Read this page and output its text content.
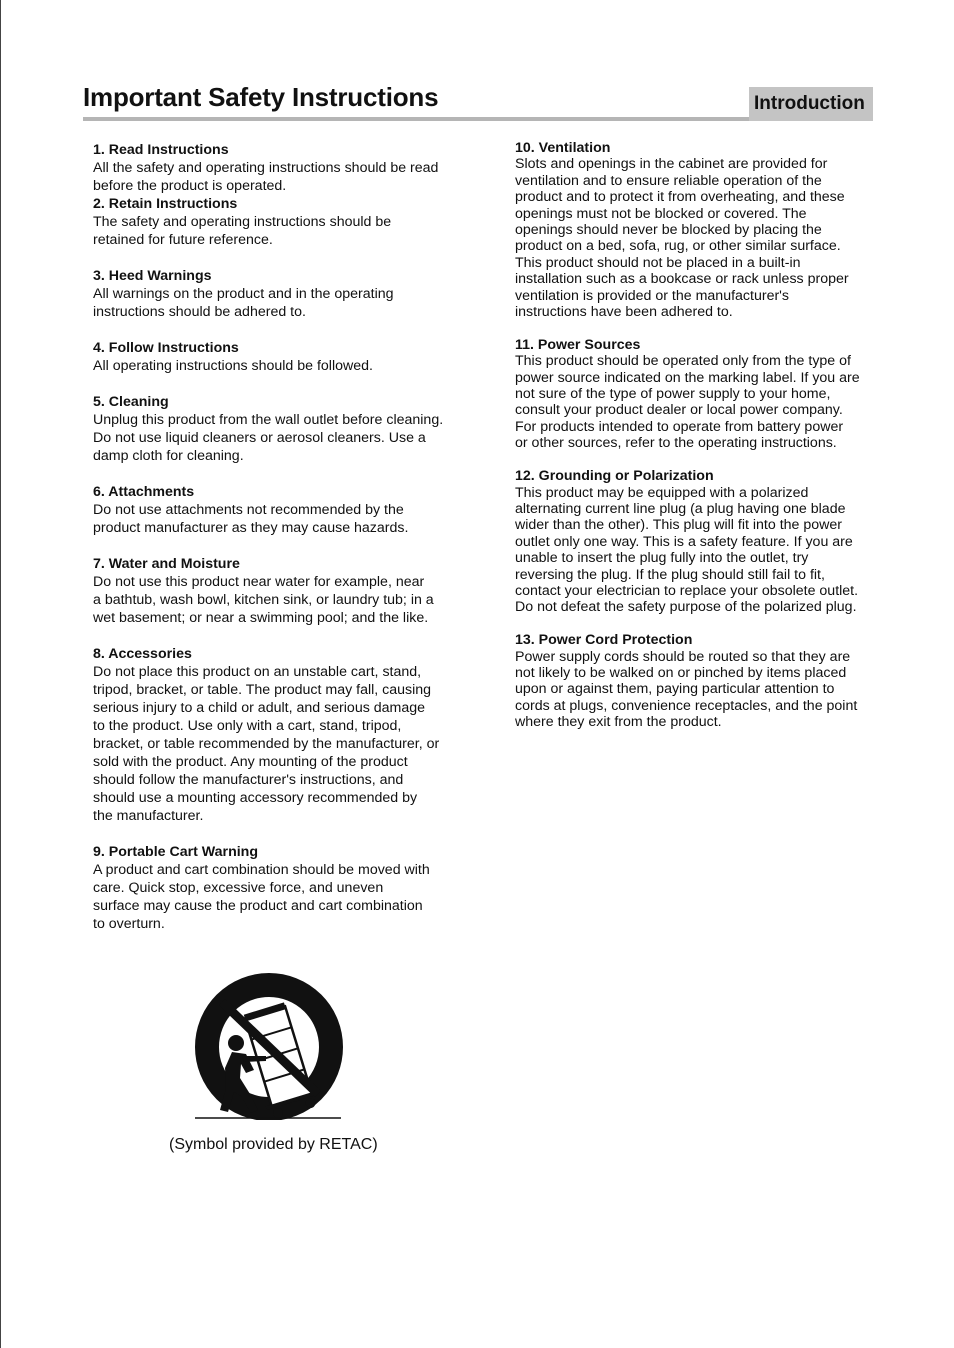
Important Safety Instructions	Introduction
1. Read Instructions
All the safety and operating instructions should be read
before the product is operated.
2. Retain Instructions
The safety and operating instructions should be
retained for future reference.
3. Heed Warnings
All warnings on the product and in the operating
instructions should be adhered to.
4. Follow Instructions
All operating instructions should be followed.
5. Cleaning
Unplug this product from the wall outlet before cleaning.
Do not use liquid cleaners or aerosol cleaners. Use a
damp cloth for cleaning.
6. Attachments
Do not use attachments not recommended by the
product manufacturer as they may cause hazards.
7. Water and Moisture
Do not use this product near water for example, near
a bathtub, wash bowl, kitchen sink, or laundry tub; in a
wet basement; or near a swimming pool; and the like.
8. Accessories
Do not place this product on an unstable cart, stand,
tripod, bracket, or table. The product may fall, causing
serious injury to a child or adult, and serious damage
to the product. Use only with a cart, stand, tripod,
bracket, or table recommended by the manufacturer, or
sold with the product. Any mounting of the product
should follow the manufacturer's instructions, and
should use a mounting accessory recommended by
the manufacturer.
9. Portable Cart Warning
A product and cart combination should be moved with
care. Quick stop, excessive force, and uneven
surface may cause the product and cart combination
to overturn.
10. Ventilation
Slots and openings in the cabinet are provided for
ventilation and to ensure reliable operation of the
product and to protect it from overheating, and these
openings must not be blocked or covered. The
openings should never be blocked by placing the
product on a bed, sofa, rug, or other similar surface.
This product should not be placed in a built-in
installation such as a bookcase or rack unless proper
ventilation is provided or the manufacturer's
instructions have been adhered to.
11. Power Sources
This product should be operated only from the type of
power source indicated on the marking label. If you are
not sure of the type of power supply to your home,
consult your product dealer or local power company.
For products intended to operate from battery power
or other sources, refer to the operating instructions.
12. Grounding or Polarization
This product may be equipped with a polarized
alternating current line plug (a plug having one blade
wider than the other). This plug will fit into the power
outlet only one way. This is a safety feature. If you are
unable to insert the plug fully into the outlet, try
reversing the plug. If the plug should still fail to fit,
contact your electrician to replace your obsolete outlet.
Do not defeat the safety purpose of the polarized plug.
13. Power Cord Protection
Power supply cords should be routed so that they are
not likely to be walked on or pinched by items placed
upon or against them, paying particular attention to
cords at plugs, convenience receptacles, and the point
where they exit from the product.
(Symbol provided by RETAC)
